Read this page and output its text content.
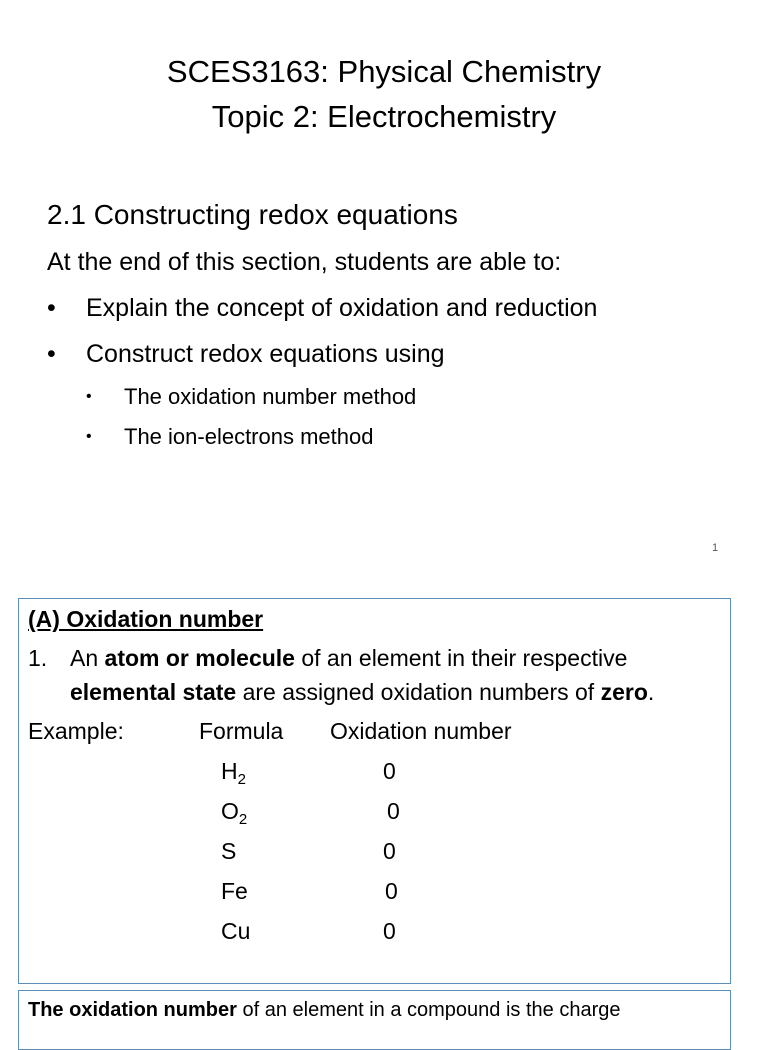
SCES3163: Physical Chemistry
Topic 2: Electrochemistry
2.1 Constructing redox equations
At the end of this section, students are able to:
• Explain the concept of oxidation and reduction
• Construct redox equations using
• The oxidation number method
• The ion-electrons method
1
(A) Oxidation number
1. An atom or molecule of an element in their respective
elemental state are assigned oxidation numbers of zero.
Example:	Formula Oxidation number
$H_2$	0
$O_2$	0
S	0
Fe	0
Cu	0
The oxidation number of an element in a compound is the charge
